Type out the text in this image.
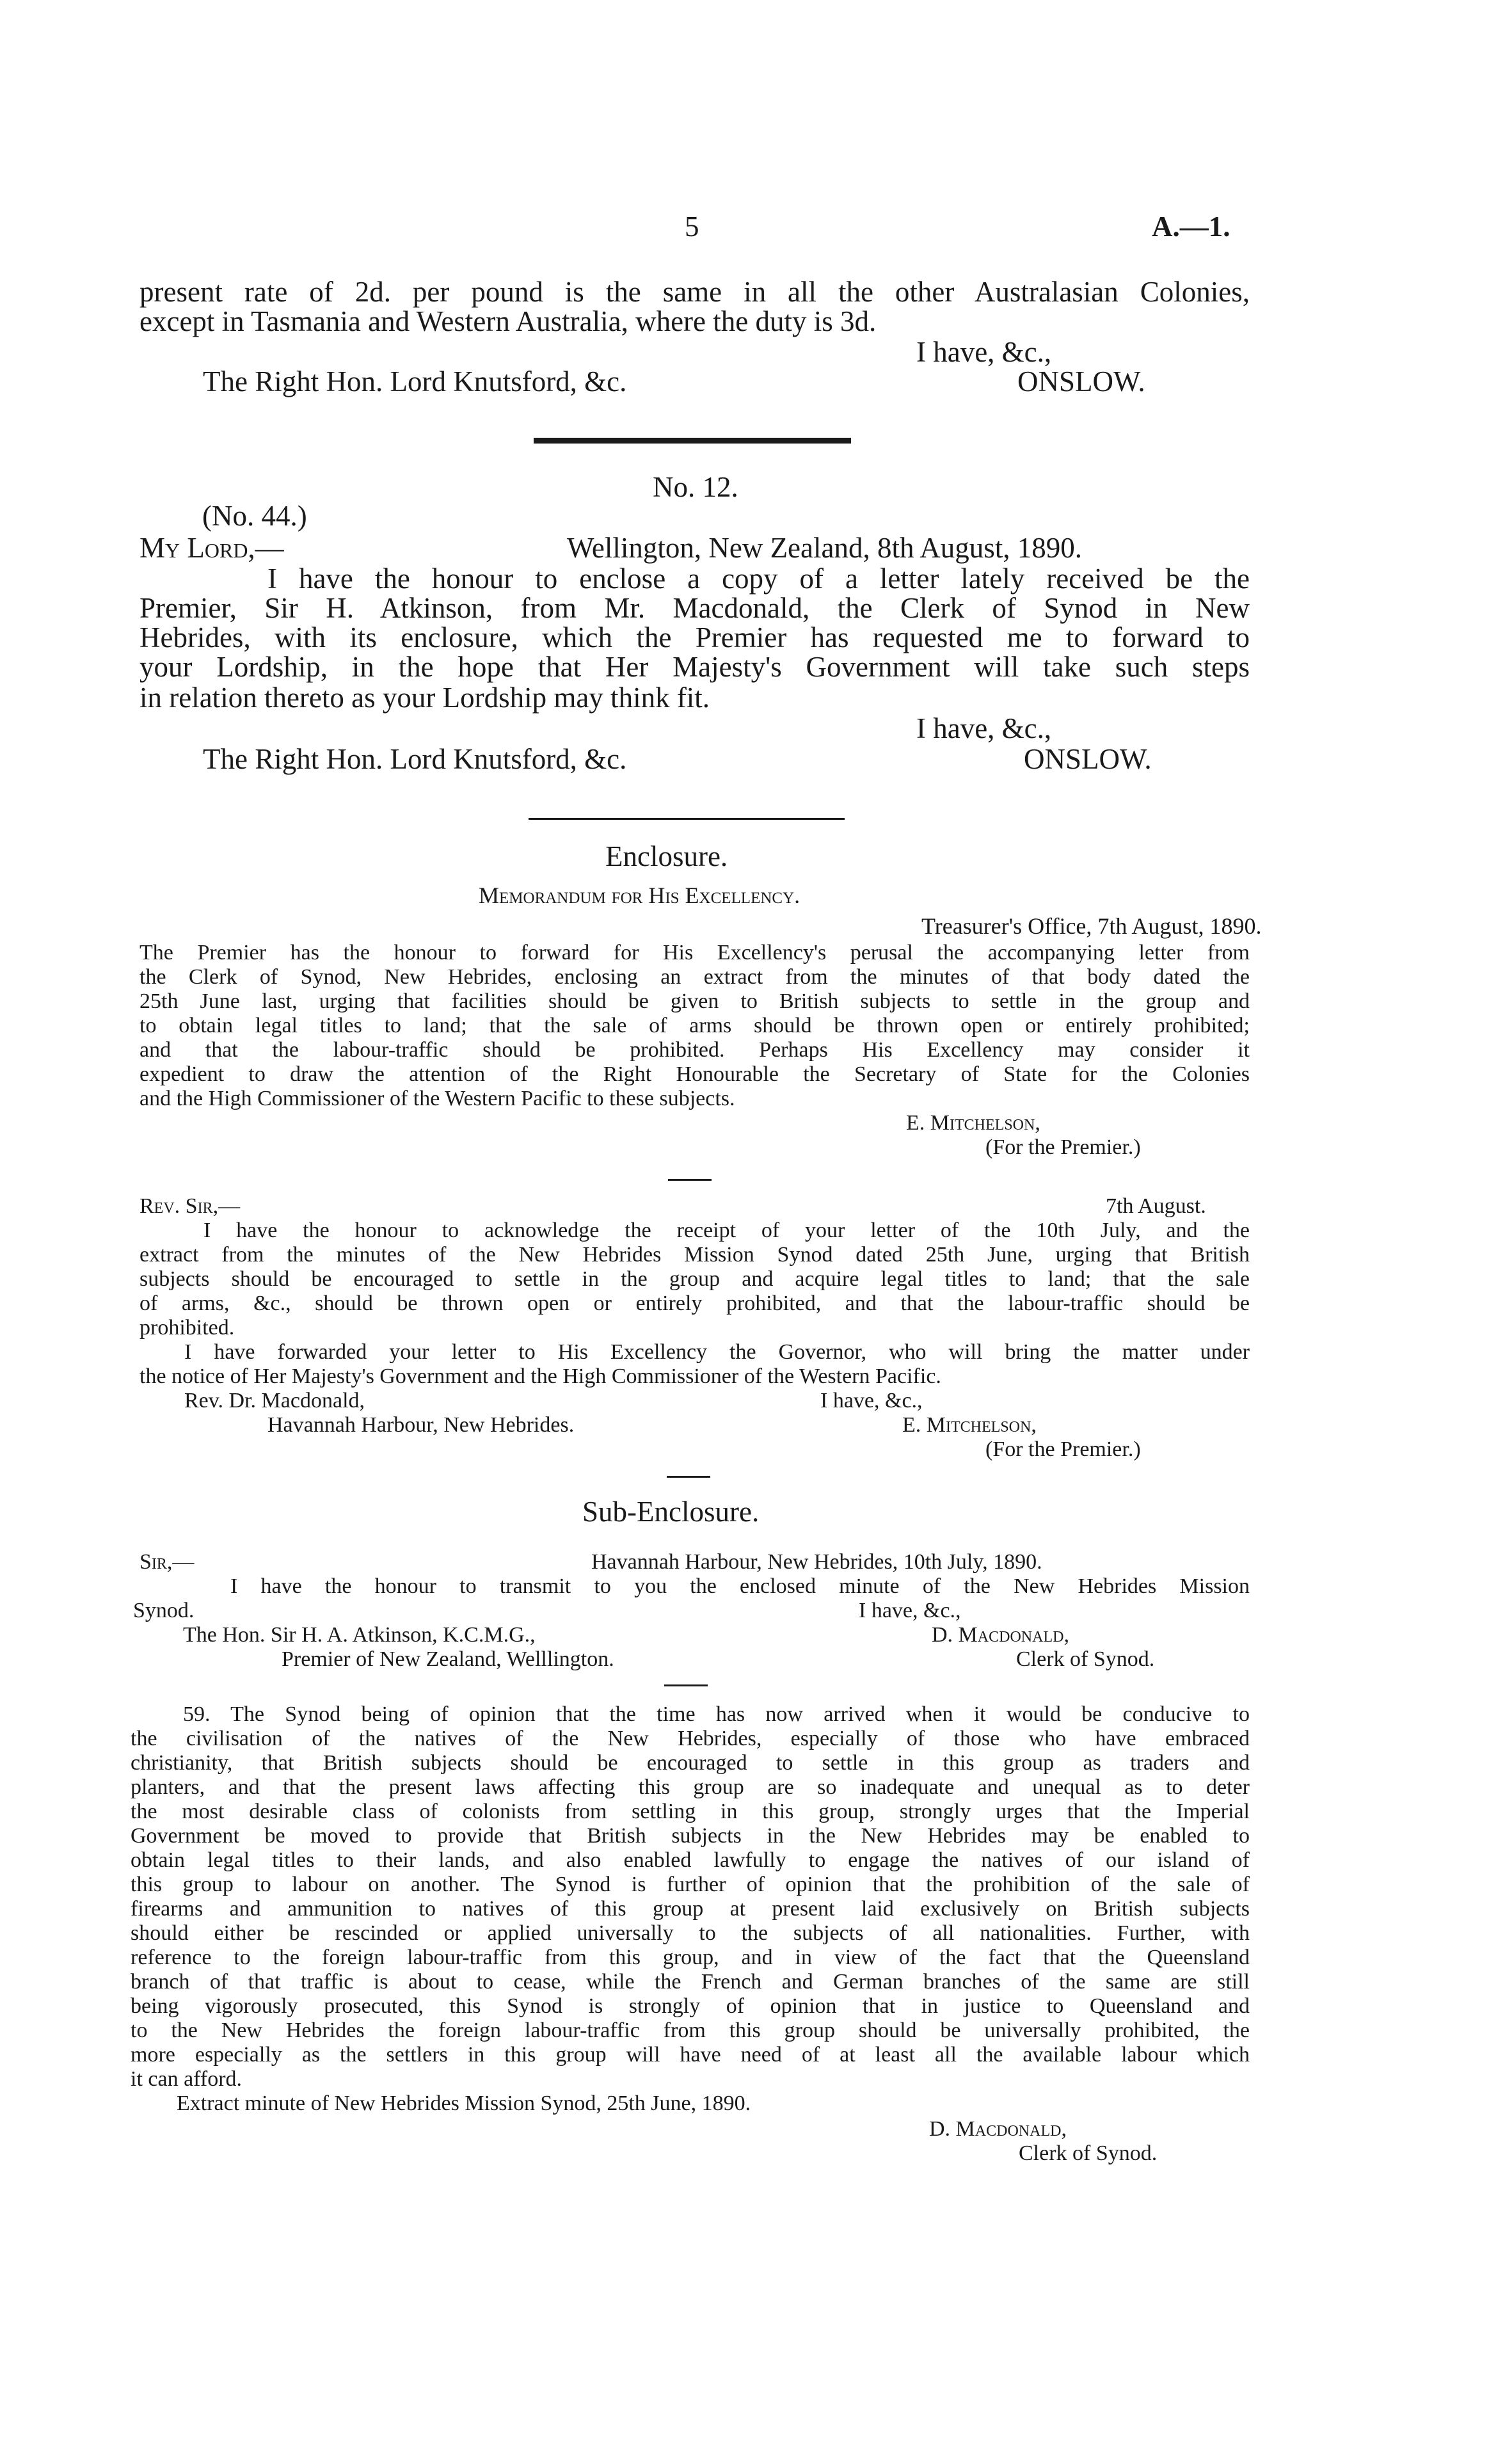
5	A.—1.
present rate of 2d. per pound is the same in all the other Australasian Colonies,
except in Tasmania and Western Australia, where the duty is 3d.
I have, &c.,
The Right Hon. Lord Knutsford, &c.	ONSLOW.
No. 12.
(No. 44.)
My Lord,—	Wellington, New Zealand, 8th August, 1890.
I have the honour to enclose a copy of a letter lately received be the
Premier, Sir H. Atkinson, from Mr. Macdonald, the Clerk of Synod in New
Hebrides, with its enclosure, which the Premier has requested me to forward to
your Lordship, in the hope that Her Majesty's Government will take such steps
in relation thereto as your Lordship may think fit.
I have, &c.,
The Right Hon. Lord Knutsford, &c.	ONSLOW.
Enclosure.
Memorandum for His Excellency.
Treasurer's Office, 7th August, 1890.
The Premier has the honour to forward for His Excellency's perusal the accompanying letter from
the Clerk of Synod, New Hebrides, enclosing an extract from the minutes of that body dated the
25th June last, urging that facilities should be given to British subjects to settle in the group and
to obtain legal titles to land; that the sale of arms should be thrown open or entirely prohibited;
and that the labour-traffic should be prohibited. Perhaps His Excellency may consider it
expedient to draw the attention of the Right Honourable the Secretary of State for the Colonies
and the High Commissioner of the Western Pacific to these subjects.
E. Mitchelson,
(For the Premier.)
Rev. Sir,—	7th August.
I have the honour to acknowledge the receipt of your letter of the 10th July, and the
extract from the minutes of the New Hebrides Mission Synod dated 25th June, urging that British
subjects should be encouraged to settle in the group and acquire legal titles to land; that the sale
of arms, &c., should be thrown open or entirely prohibited, and that the labour-traffic should be
prohibited.
I have forwarded your letter to His Excellency the Governor, who will bring the matter under
the notice of Her Majesty's Government and the High Commissioner of the Western Pacific.
Rev. Dr. Macdonald,	I have, &c.,
Havannah Harbour, New Hebrides.	E. Mitchelson,
(For the Premier.)
Sub-Enclosure.
Sir,—	Havannah Harbour, New Hebrides, 10th July, 1890.
I have the honour to transmit to you the enclosed minute of the New Hebrides Mission
Synod.	I have, &c.,
The Hon. Sir H. A. Atkinson, K.C.M.G.,	D. Macdonald,
Premier of New Zealand, Welllington.	Clerk of Synod.
59. The Synod being of opinion that the time has now arrived when it would be conducive to
the civilisation of the natives of the New Hebrides, especially of those who have embraced
christianity, that British subjects should be encouraged to settle in this group as traders and
planters, and that the present laws affecting this group are so inadequate and unequal as to deter
the most desirable class of colonists from settling in this group, strongly urges that the Imperial
Government be moved to provide that British subjects in the New Hebrides may be enabled to
obtain legal titles to their lands, and also enabled lawfully to engage the natives of our island of
this group to labour on another. The Synod is further of opinion that the prohibition of the sale of
firearms and ammunition to natives of this group at present laid exclusively on British subjects
should either be rescinded or applied universally to the subjects of all nationalities. Further, with
reference to the foreign labour-traffic from this group, and in view of the fact that the Queensland
branch of that traffic is about to cease, while the French and German branches of the same are still
being vigorously prosecuted, this Synod is strongly of opinion that in justice to Queensland and
to the New Hebrides the foreign labour-traffic from this group should be universally prohibited, the
more especially as the settlers in this group will have need of at least all the available labour which
it can afford.
Extract minute of New Hebrides Mission Synod, 25th June, 1890.
D. Macdonald,
Clerk of Synod.
